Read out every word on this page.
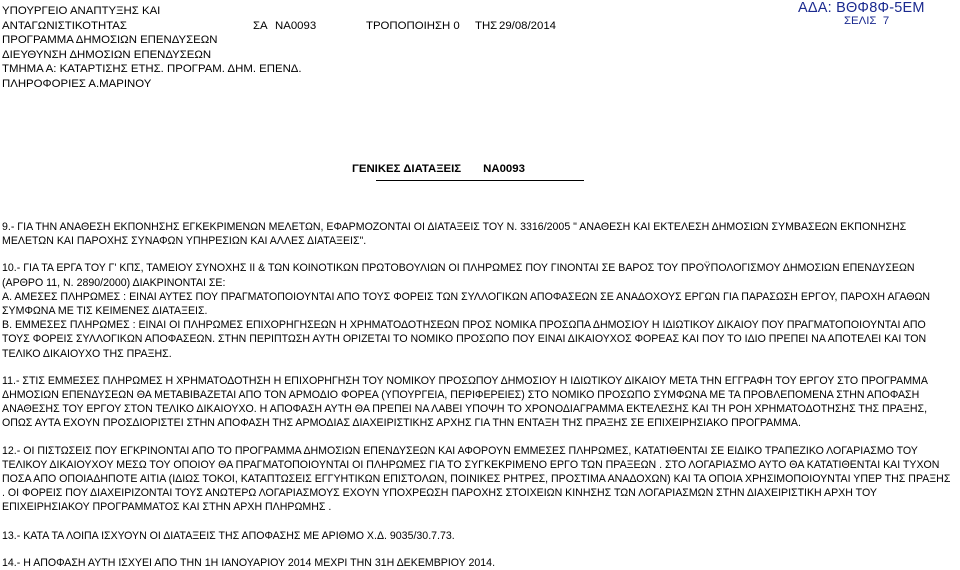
ΥΠΟΥΡΓΕΙΟ ΑΝΑΠΤΥΞΗΣ ΚΑΙ
ΑΝΤΑΓΩΝΙΣΤΙΚΟΤΗΤΑΣ
ΠΡΟΓΡΑΜΜΑ ΔΗΜΟΣΙΩΝ ΕΠΕΝΔΥΣΕΩΝ
ΔΙΕΥΘΥΝΣΗ ΔΗΜΟΣΙΩΝ ΕΠΕΝΔΥΣΕΩΝ
ΤΜΗΜΑ Α: ΚΑΤΑΡΤΙΣΗΣ ΕΤΗΣ. ΠΡΟΓΡΑΜ. ΔΗΜ. ΕΠΕΝΔ.
ΠΛΗΡΟΦΟΡΙΕΣ Α.ΜΑΡΙΝΟΥ
ΣΑ ΝΑ0093	ΤΡΟΠΟΠΟΙΗΣΗ 0 ΤΗΣ 29/08/2014
ΑΔΑ: ΒΘΦ8Φ-5ΕΜ
ΣΕΛΙΣ 7
ΓΕΝΙΚΕΣ ΔΙΑΤΑΞΕΙΣ ΝΑ0093

9.- ΓΙΑ ΤΗΝ ΑΝΑΘΕΣΗ ΕΚΠΟΝΗΣΗΣ ΕΓΚΕΚΡΙΜΕΝΩΝ ΜΕΛΕΤΩΝ, ΕΦΑΡΜΟΖΟΝΤΑΙ ΟΙ ΔΙΑΤΑΞΕΙΣ ΤΟΥ Ν. 3316/2005 " ΑΝΑΘΕΣΗ ΚΑΙ ΕΚΤΕΛΕΣΗ ΔΗΜΟΣΙΩΝ ΣΥΜΒΑΣΕΩΝ ΕΚΠΟΝΗΣΗΣ ΜΕΛΕΤΩΝ ΚΑΙ ΠΑΡΟΧΗΣ ΣΥΝΑΦΩΝ ΥΠΗΡΕΣΙΩΝ ΚΑΙ ΑΛΛΕΣ ΔΙΑΤΑΞΕΙΣ".

10.- ΓΙΑ ΤΑ ΕΡΓΑ ΤΟΥ Γ' ΚΠΣ, ΤΑΜΕΙΟΥ ΣΥΝΟΧΗΣ ΙΙ & ΤΩΝ ΚΟΙΝΟΤΙΚΩΝ ΠΡΩΤΟΒΟΥΛΙΩΝ ΟΙ ΠΛΗΡΩΜΕΣ ΠΟΥ ΓΙΝΟΝΤΑΙ ΣΕ ΒΑΡΟΣ ΤΟΥ ΠΡΟΫΠΟΛΟΓΙΣΜΟΥ ΔΗΜΟΣΙΩΝ ΕΠΕΝΔΥΣΕΩΝ (ΑΡΘΡΟ 11, Ν. 2890/2000) ΔΙΑΚΡΙΝΟΝΤΑΙ ΣΕ:

Α. ΑΜΕΣΕΣ ΠΛΗΡΩΜΕΣ : ΕΙΝΑΙ ΑΥΤΕΣ ΠΟΥ ΠΡΑΓΜΑΤΟΠΟΙΟΥΝΤΑΙ ΑΠΟ ΤΟΥΣ ΦΟΡΕΙΣ ΤΩΝ ΣΥΛΛΟΓΙΚΩΝ ΑΠΟΦΑΣΕΩΝ ΣΕ ΑΝΑΔΟΧΟΥΣ ΕΡΓΩΝ ΓΙΑ ΠΑΡΑΣΩΣΗ ΕΡΓΟΥ, ΠΑΡΟΧΗ ΑΓΑΘΩΝ ΣΥΜΦΩΝΑ ΜΕ ΤΙΣ ΚΕΙΜΕΝΕΣ ΔΙΑΤΑΞΕΙΣ.

Β. ΕΜΜΕΣΕΣ ΠΛΗΡΩΜΕΣ : ΕΙΝΑΙ ΟΙ ΠΛΗΡΩΜΕΣ ΕΠΙΧΟΡΗΓΗΣΕΩΝ Η ΧΡΗΜΑΤΟΔΟΤΗΣΕΩΝ ΠΡΟΣ ΝΟΜΙΚΑ ΠΡΟΣΩΠΑ ΔΗΜΟΣΙΟΥ Η ΙΔΙΩΤΙΚΟΥ ΔΙΚΑΙΟΥ ΠΟΥ ΠΡΑΓΜΑΤΟΠΟΙΟΥΝΤΑΙ ΑΠΟ ΤΟΥΣ ΦΟΡΕΙΣ ΣΥΛΛΟΓΙΚΩΝ ΑΠΟΦΑΣΕΩΝ. ΣΤΗΝ ΠΕΡΙΠΤΩΣΗ ΑΥΤΗ ΟΡΙΖΕΤΑΙ ΤΟ ΝΟΜΙΚΟ ΠΡΟΣΩΠΟ ΠΟΥ ΕΙΝΑΙ ΔΙΚΑΙΟΥΧΟΣ ΦΟΡΕΑΣ ΚΑΙ ΠΟΥ ΤΟ ΙΔΙΟ ΠΡΕΠΕΙ ΝΑ ΑΠΟΤΕΛΕΙ ΚΑΙ ΤΟΝ ΤΕΛΙΚΟ ΔΙΚΑΙΟΥΧΟ ΤΗΣ ΠΡΑΞΗΣ.

11.- ΣΤΙΣ ΕΜΜΕΣΕΣ ΠΛΗΡΩΜΕΣ Η ΧΡΗΜΑΤΟΔΟΤΗΣΗ Η ΕΠΙΧΟΡΗΓΗΣΗ ΤΟΥ ΝΟΜΙΚΟΥ ΠΡΟΣΩΠΟΥ ΔΗΜΟΣΙΟΥ Η ΙΔΙΩΤΙΚΟΥ ΔΙΚΑΙΟΥ ΜΕΤΑ ΤΗΝ ΕΓΓΡΑΦΗ ΤΟΥ ΕΡΓΟΥ ΣΤΟ ΠΡΟΓΡΑΜΜΑ ΔΗΜΟΣΙΩΝ ΕΠΕΝΔΥΣΕΩΝ ΘΑ ΜΕΤΑΒΙΒΑΖΕΤΑΙ ΑΠΟ ΤΟΝ ΑΡΜΟΔΙΟ ΦΟΡΕΑ (ΥΠΟΥΡΓΕΙΑ, ΠΕΡΙΦΕΡΕΙΕΣ) ΣΤΟ ΝΟΜΙΚΟ ΠΡΟΣΩΠΟ ΣΥΜΦΩΝΑ ΜΕ ΤΑ ΠΡΟΒΛΕΠΟΜΕΝΑ ΣΤΗΝ ΑΠΟΦΑΣΗ ΑΝΑΘΕΣΗΣ ΤΟΥ ΕΡΓΟΥ ΣΤΟΝ ΤΕΛΙΚΟ ΔΙΚΑΙΟΥΧΟ. Η ΑΠΟΦΑΣΗ ΑΥΤΗ ΘΑ ΠΡΕΠΕΙ ΝΑ ΛΑΒΕΙ ΥΠΟΨΗ ΤΟ ΧΡΟΝΟΔΙΑΓΡΑΜΜΑ ΕΚΤΕΛΕΣΗΣ ΚΑΙ ΤΗ ΡΟΗ ΧΡΗΜΑΤΟΔΟΤΗΣΗΣ ΤΗΣ ΠΡΑΞΗΣ, ΟΠΩΣ ΑΥΤΑ ΕΧΟΥΝ ΠΡΟΣΔΙΟΡΙΣΤΕΙ ΣΤΗΝ ΑΠΟΦΑΣΗ ΤΗΣ ΑΡΜΟΔΙΑΣ ΔΙΑΧΕΙΡΙΣΤΙΚΗΣ ΑΡΧΗΣ ΓΙΑ ΤΗΝ ΕΝΤΑΞΗ ΤΗΣ ΠΡΑΞΗΣ ΣΕ ΕΠΙΧΕΙΡΗΣΙΑΚΟ ΠΡΟΓΡΑΜΜΑ.

12.- ΟΙ ΠΙΣΤΩΣΕΙΣ ΠΟΥ ΕΓΚΡΙΝΟΝΤΑΙ ΑΠΟ ΤΟ ΠΡΟΓΡΑΜΜΑ ΔΗΜΟΣΙΩΝ ΕΠΕΝΔΥΣΕΩΝ ΚΑΙ ΑΦΟΡΟΥΝ ΕΜΜΕΣΕΣ ΠΛΗΡΩΜΕΣ, ΚΑΤΑΤΙΘΕΝΤΑΙ ΣΕ ΕΙΔΙΚΟ ΤΡΑΠΕΖΙΚΟ ΛΟΓΑΡΙΑΣΜΟ ΤΟΥ ΤΕΛΙΚΟΥ ΔΙΚΑΙΟΥΧΟΥ ΜΕΣΩ ΤΟΥ ΟΠΟΙΟΥ ΘΑ ΠΡΑΓΜΑΤΟΠΟΙΟΥΝΤΑΙ ΟΙ ΠΛΗΡΩΜΕΣ ΓΙΑ ΤΟ ΣΥΓΚΕΚΡΙΜΕΝΟ ΕΡΓΟ ΤΩΝ ΠΡΑΞΕΩΝ . ΣΤΟ ΛΟΓΑΡΙΑΣΜΟ ΑΥΤΟ ΘΑ ΚΑΤΑΤΙΘΕΝΤΑΙ ΚΑΙ ΤΥΧΟΝ ΠΟΣΑ ΑΠΟ ΟΠΟΙΑΔΗΠΟΤΕ ΑΙΤΙΑ (ΙΔΙΩΣ ΤΟΚΟΙ, ΚΑΤΑΠΤΩΣΕΙΣ ΕΓΓΥΗΤΙΚΩΝ ΕΠΙΣΤΟΛΩΝ, ΠΟΙΝΙΚΕΣ ΡΗΤΡΕΣ, ΠΡΟΣΤΙΜΑ ΑΝΑΔΟΧΩΝ) ΚΑΙ ΤΑ ΟΠΟΙΑ ΧΡΗΣΙΜΟΠΟΙΟΥΝΤΑΙ ΥΠΕΡ ΤΗΣ ΠΡΑΞΗΣ . ΟΙ ΦΟΡΕΙΣ ΠΟΥ ΔΙΑΧΕΙΡΙΖΟΝΤΑΙ ΤΟΥΣ ΑΝΩΤΕΡΩ ΛΟΓΑΡΙΑΣΜΟΥΣ ΕΧΟΥΝ ΥΠΟΧΡΕΩΣΗ ΠΑΡΟΧΗΣ ΣΤΟΙΧΕΙΩΝ ΚΙΝΗΣΗΣ ΤΩΝ ΛΟΓΑΡΙΑΣΜΩΝ ΣΤΗΝ ΔΙΑΧΕΙΡΙΣΤΙΚΗ ΑΡΧΗ ΤΟΥ ΕΠΙΧΕΙΡΗΣΙΑΚΟΥ ΠΡΟΓΡΑΜΜΑΤΟΣ ΚΑΙ ΣΤΗΝ ΑΡΧΗ ΠΛΗΡΩΜΗΣ .

13.- ΚΑΤΑ ΤΑ ΛΟΙΠΑ ΙΣΧΥΟΥΝ ΟΙ ΔΙΑΤΑΞΕΙΣ ΤΗΣ ΑΠΟΦΑΣΗΣ ΜΕ ΑΡΙΘΜΟ Χ.Δ. 9035/30.7.73.

14.- Η ΑΠΟΦΑΣΗ ΑΥΤΗ ΙΣΧΥΕΙ ΑΠΟ ΤΗΝ 1Η ΙΑΝΟΥΑΡΙΟΥ 2014 ΜΕΧΡΙ ΤΗΝ 31Η ΔΕΚΕΜΒΡΙΟΥ 2014.
